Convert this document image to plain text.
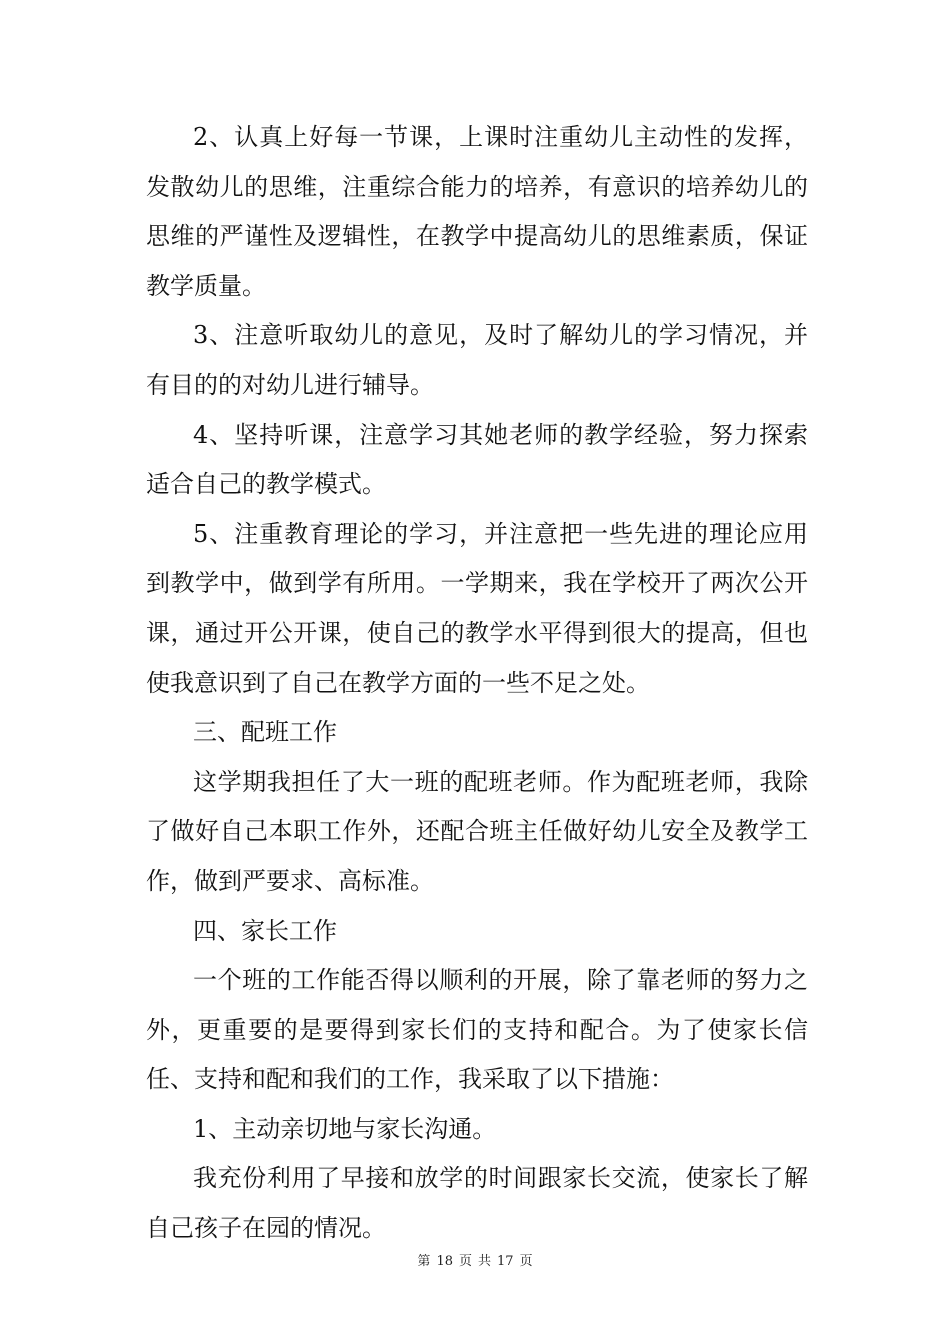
2、认真上好每一节课，上课时注重幼儿主动性的发挥，发散幼儿的思维，注重综合能力的培养，有意识的培养幼儿的思维的严谨性及逻辑性，在教学中提高幼儿的思维素质，保证教学质量。

3、注意听取幼儿的意见，及时了解幼儿的学习情况，并有目的的对幼儿进行辅导。

4、坚持听课，注意学习其她老师的教学经验，努力探索适合自己的教学模式。

5、注重教育理论的学习，并注意把一些先进的理论应用到教学中，做到学有所用。一学期来，我在学校开了两次公开课，通过开公开课，使自己的教学水平得到很大的提高，但也使我意识到了自己在教学方面的一些不足之处。

三、配班工作

这学期我担任了大一班的配班老师。作为配班老师，我除了做好自己本职工作外，还配合班主任做好幼儿安全及教学工作，做到严要求、高标准。

四、家长工作

一个班的工作能否得以顺利的开展，除了靠老师的努力之外，更重要的是要得到家长们的支持和配合。为了使家长信任、支持和配和我们的工作，我采取了以下措施：

1、主动亲切地与家长沟通。

我充份利用了早接和放学的时间跟家长交流，使家长了解自己孩子在园的情况。

第 18 页 共 17 页
